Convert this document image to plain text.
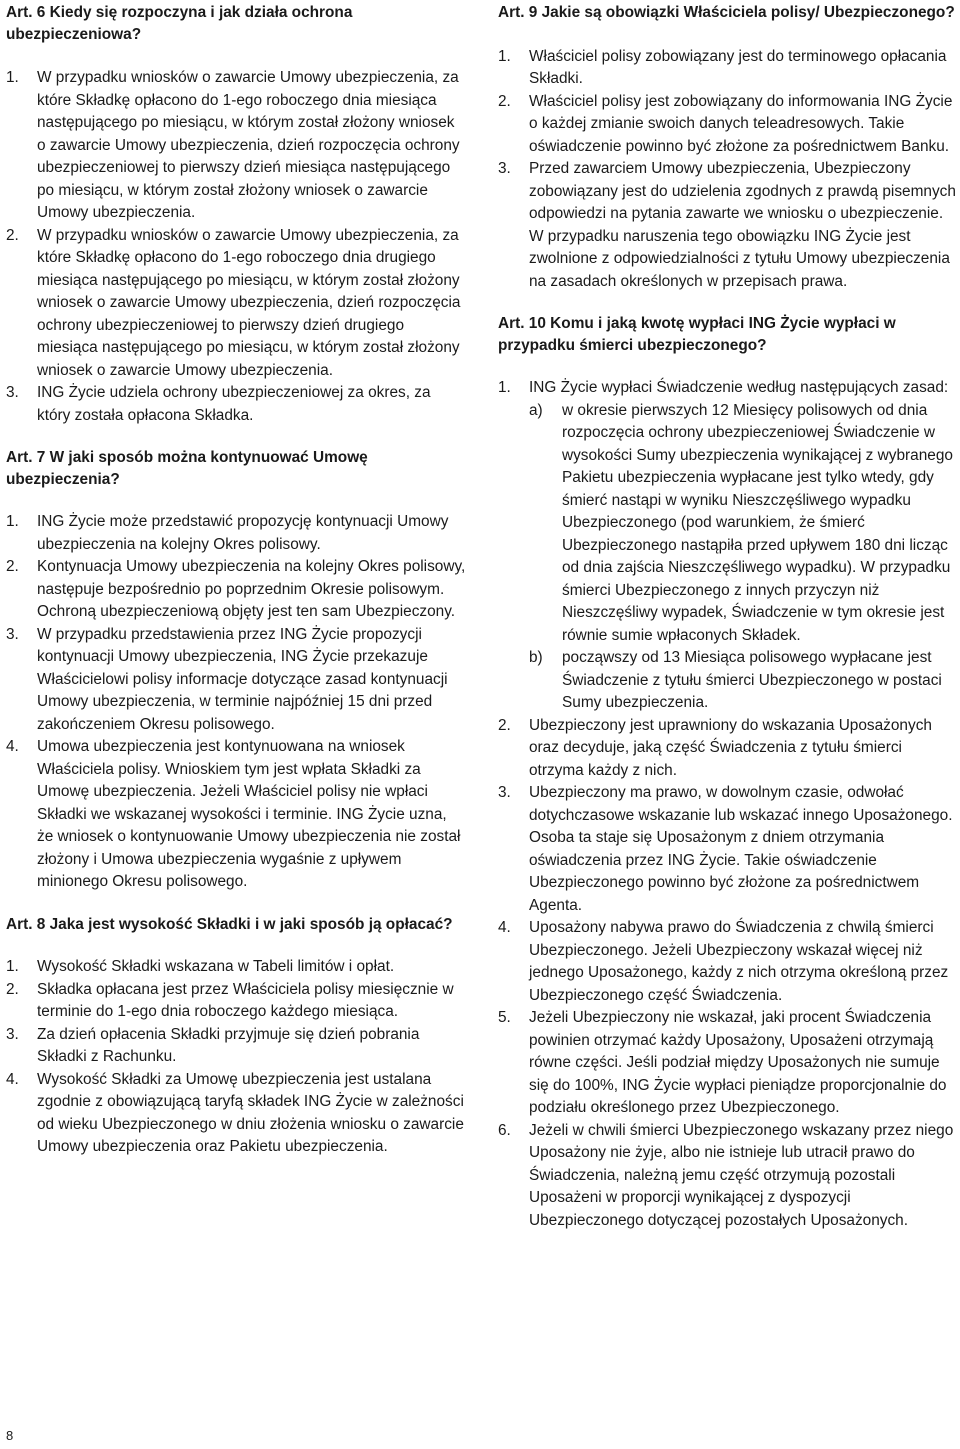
Art. 6 Kiedy się rozpoczyna i jak działa ochrona ubezpieczeniowa?
1. W przypadku wniosków o zawarcie Umowy ubezpieczenia, za które Składkę opłacono do 1-ego roboczego dnia miesiąca następującego po miesiącu, w którym został złożony wniosek o zawarcie Umowy ubezpieczenia, dzień rozpoczęcia ochrony ubezpieczeniowej to pierwszy dzień miesiąca następującego po miesiącu, w którym został złożony wniosek o zawarcie Umowy ubezpieczenia.
2. W przypadku wniosków o zawarcie Umowy ubezpieczenia, za które Składkę opłacono do 1-ego roboczego dnia drugiego miesiąca następującego po miesiącu, w którym został złożony wniosek o zawarcie Umowy ubezpieczenia, dzień rozpoczęcia ochrony ubezpieczeniowej to pierwszy dzień drugiego miesiąca następującego po miesiącu, w którym został złożony wniosek o zawarcie Umowy ubezpieczenia.
3. ING Życie udziela ochrony ubezpieczeniowej za okres, za który została opłacona Składka.
Art. 7 W jaki sposób można kontynuować Umowę ubezpieczenia?
1. ING Życie może przedstawić propozycję kontynuacji Umowy ubezpieczenia na kolejny Okres polisowy.
2. Kontynuacja Umowy ubezpieczenia na kolejny Okres polisowy, następuje bezpośrednio po poprzednim Okresie polisowym. Ochroną ubezpieczeniową objęty jest ten sam Ubezpieczony.
3. W przypadku przedstawienia przez ING Życie propozycji kontynuacji Umowy ubezpieczenia, ING Życie przekazuje Właścicielowi polisy informacje dotyczące zasad kontynuacji Umowy ubezpieczenia, w terminie najpóźniej 15 dni przed zakończeniem Okresu polisowego.
4. Umowa ubezpieczenia jest kontynuowana na wniosek Właściciela polisy. Wnioskiem tym jest wpłata Składki za Umowę ubezpieczenia. Jeżeli Właściciel polisy nie wpłaci Składki we wskazanej wysokości i terminie. ING Życie uzna, że wniosek o kontynuowanie Umowy ubezpieczenia nie został złożony i Umowa ubezpieczenia wygaśnie z upływem minionego Okresu polisowego.
Art. 8 Jaka jest wysokość Składki i w jaki sposób ją opłacać?
1. Wysokość Składki wskazana w Tabeli limitów i opłat.
2. Składka opłacana jest przez Właściciela polisy miesięcznie w terminie do 1-ego dnia roboczego każdego miesiąca.
3. Za dzień opłacenia Składki przyjmuje się dzień pobrania Składki z Rachunku.
4. Wysokość Składki za Umowę ubezpieczenia jest ustalana zgodnie z obowiązującą taryfą składek ING Życie w zależności od wieku Ubezpieczonego w dniu złożenia wniosku o zawarcie Umowy ubezpieczenia oraz Pakietu ubezpieczenia.
Art. 9 Jakie są obowiązki Właściciela polisy/ Ubezpieczonego?
1. Właściciel polisy zobowiązany jest do terminowego opłacania Składki.
2. Właściciel polisy jest zobowiązany do informowania ING Życie o każdej zmianie swoich danych teleadresowych. Takie oświadczenie powinno być złożone za pośrednictwem Banku.
3. Przed zawarciem Umowy ubezpieczenia, Ubezpieczony zobowiązany jest do udzielenia zgodnych z prawdą pisemnych odpowiedzi na pytania zawarte we wniosku o ubezpieczenie. W przypadku naruszenia tego obowiązku ING Życie jest zwolnione z odpowiedzialności z tytułu Umowy ubezpieczenia na zasadach określonych w przepisach prawa.
Art. 10 Komu i jaką kwotę wypłaci ING Życie wypłaci w przypadku śmierci ubezpieczonego?
1. ING Życie wypłaci Świadczenie według następujących zasad:
a) w okresie pierwszych 12 Miesięcy polisowych od dnia rozpoczęcia ochrony ubezpieczeniowej Świadczenie w wysokości Sumy ubezpieczenia wynikającej z wybranego Pakietu ubezpieczenia wypłacane jest tylko wtedy, gdy śmierć nastąpi w wyniku Nieszczęśliwego wypadku Ubezpieczonego (pod warunkiem, że śmierć Ubezpieczonego nastąpiła przed upływem 180 dni licząc od dnia zajścia Nieszczęśliwego wypadku). W przypadku śmierci Ubezpieczonego z innych przyczyn niż Nieszczęśliwy wypadek, Świadczenie w tym okresie jest równie sumie wpłaconych Składek.
b) począwszy od 13 Miesiąca polisowego wypłacane jest Świadczenie z tytułu śmierci Ubezpieczonego w postaci Sumy ubezpieczenia.
2. Ubezpieczony jest uprawniony do wskazania Uposażonych oraz decyduje, jaką część Świadczenia z tytułu śmierci otrzyma każdy z nich.
3. Ubezpieczony ma prawo, w dowolnym czasie, odwołać dotychczasowe wskazanie lub wskazać innego Uposażonego. Osoba ta staje się Uposażonym z dniem otrzymania oświadczenia przez ING Życie. Takie oświadczenie Ubezpieczonego powinno być złożone za pośrednictwem Agenta.
4. Uposażony nabywa prawo do Świadczenia z chwilą śmierci Ubezpieczonego. Jeżeli Ubezpieczony wskazał więcej niż jednego Uposażonego, każdy z nich otrzyma określoną przez Ubezpieczonego część Świadczenia.
5. Jeżeli Ubezpieczony nie wskazał, jaki procent Świadczenia powinien otrzymać każdy Uposażony, Uposażeni otrzymają równe części. Jeśli podział między Uposażonych nie sumuje się do 100%, ING Życie wypłaci pieniądze proporcjonalnie do podziału określonego przez Ubezpieczonego.
6. Jeżeli w chwili śmierci Ubezpieczonego wskazany przez niego Uposażony nie żyje, albo nie istnieje lub utracił prawo do Świadczenia, należną jemu część otrzymują pozostali Uposażeni w proporcji wynikającej z dyspozycji Ubezpieczonego dotyczącej pozostałych Uposażonych.
8
